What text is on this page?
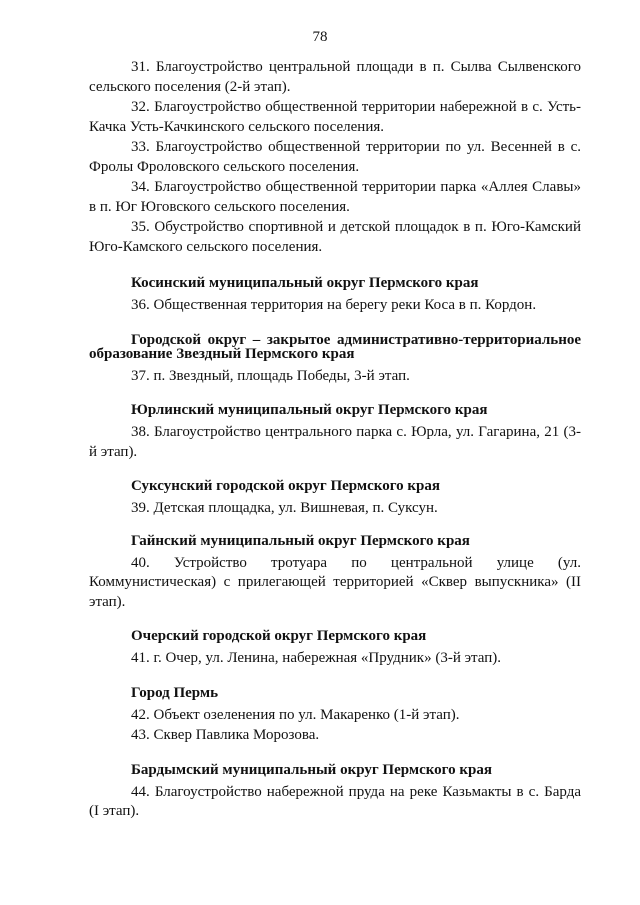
78

31. Благоустройство центральной площади в п. Сылва Сылвенского сельского поселения (2-й этап).

32. Благоустройство общественной территории набережной в с. Усть-Качка Усть-Качкинского сельского поселения.

33. Благоустройство общественной территории по ул. Весенней в с. Фролы Фроловского сельского поселения.

34. Благоустройство общественной территории парка «Аллея Славы» в п. Юг Юговского сельского поселения.

35. Обустройство спортивной и детской площадок в п. Юго-Камский Юго-Камского сельского поселения.

Косинский муниципальный округ Пермского края

36. Общественная территория на берегу реки Коса в п. Кордон.

Городской округ – закрытое административно-территориальное образование Звездный Пермского края

37. п. Звездный, площадь Победы, 3-й этап.

Юрлинский муниципальный округ Пермского края

38. Благоустройство центрального парка с. Юрла, ул. Гагарина, 21 (3-й этап).

Суксунский городской округ Пермского края

39. Детская площадка, ул. Вишневая, п. Суксун.

Гайнский муниципальный округ Пермского края

40. Устройство тротуара по центральной улице (ул. Коммунистическая) с прилегающей территорией «Сквер выпускника» (II этап).

Очерский городской округ Пермского края

41. г. Очер, ул. Ленина, набережная «Прудник» (3-й этап).

Город Пермь

42. Объект озеленения по ул. Макаренко (1-й этап).

43. Сквер Павлика Морозова.

Бардымский муниципальный округ Пермского края

44. Благоустройство набережной пруда на реке Казьмакты в с. Барда (I этап).
